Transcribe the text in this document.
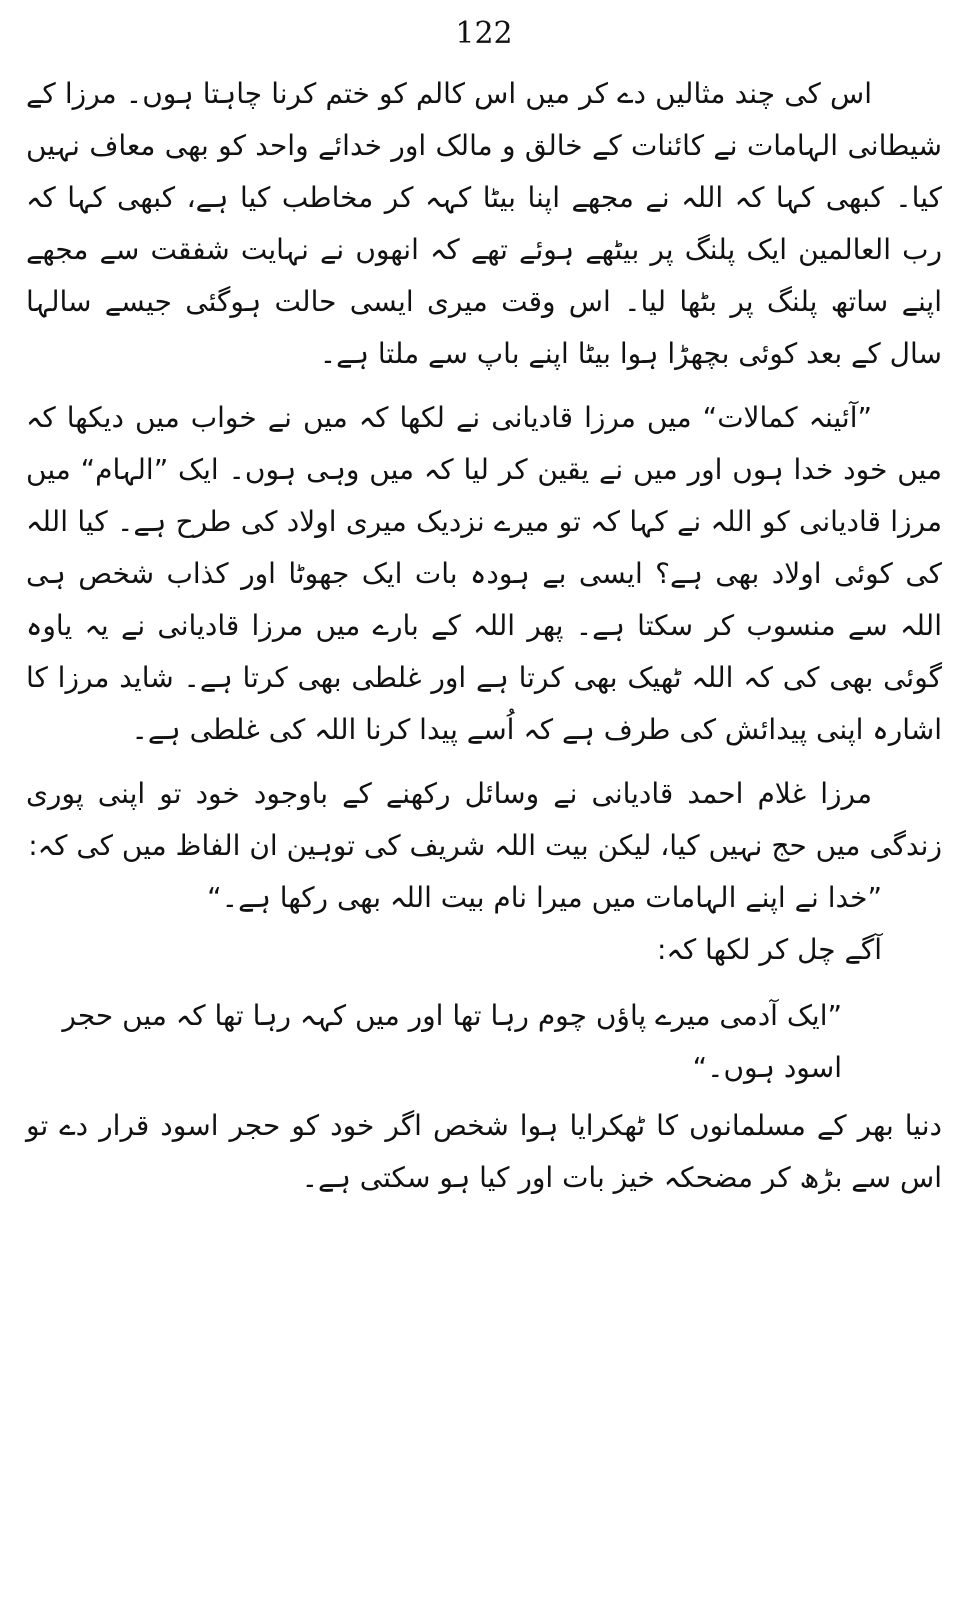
122

اس کی چند مثالیں دے کر میں اس کالم کو ختم کرنا چاہتا ہوں۔ مرزا کے شیطانی الہامات نے کائنات کے خالق و مالک اور خدائے واحد کو بھی معاف نہیں کیا۔ کبھی کہا کہ اللہ نے مجھے اپنا بیٹا کہہ کر مخاطب کیا ہے، کبھی کہا کہ رب العالمین ایک پلنگ پر بیٹھے ہوئے تھے کہ انھوں نے نہایت شفقت سے مجھے اپنے ساتھ پلنگ پر بٹھا لیا۔ اس وقت میری ایسی حالت ہوگئی جیسے سالہا سال کے بعد کوئی بچھڑا ہوا بیٹا اپنے باپ سے ملتا ہے۔

”آئینہ کمالات“ میں مرزا قادیانی نے لکھا کہ میں نے خواب میں دیکھا کہ میں خود خدا ہوں اور میں نے یقین کر لیا کہ میں وہی ہوں۔ ایک ”الہام“ میں مرزا قادیانی کو اللہ نے کہا کہ تو میرے نزدیک میری اولاد کی طرح ہے۔ کیا اللہ کی کوئی اولاد بھی ہے؟ ایسی بے ہودہ بات ایک جھوٹا اور کذاب شخص ہی اللہ سے منسوب کر سکتا ہے۔ پھر اللہ کے بارے میں مرزا قادیانی نے یہ یاوہ گوئی بھی کی کہ اللہ ٹھیک بھی کرتا ہے اور غلطی بھی کرتا ہے۔ شاید مرزا کا اشارہ اپنی پیدائش کی طرف ہے کہ اُسے پیدا کرنا اللہ کی غلطی ہے۔

مرزا غلام احمد قادیانی نے وسائل رکھنے کے باوجود خود تو اپنی پوری زندگی میں حج نہیں کیا، لیکن بیت اللہ شریف کی توہین ان الفاظ میں کی کہ:

”خدا نے اپنے الہامات میں میرا نام بیت اللہ بھی رکھا ہے۔“

آگے چل کر لکھا کہ:

”ایک آدمی میرے پاؤں چوم رہا تھا اور میں کہہ رہا تھا کہ میں حجر اسود ہوں۔“

دنیا بھر کے مسلمانوں کا ٹھکرایا ہوا شخص اگر خود کو حجر اسود قرار دے تو اس سے بڑھ کر مضحکہ خیز بات اور کیا ہو سکتی ہے۔
